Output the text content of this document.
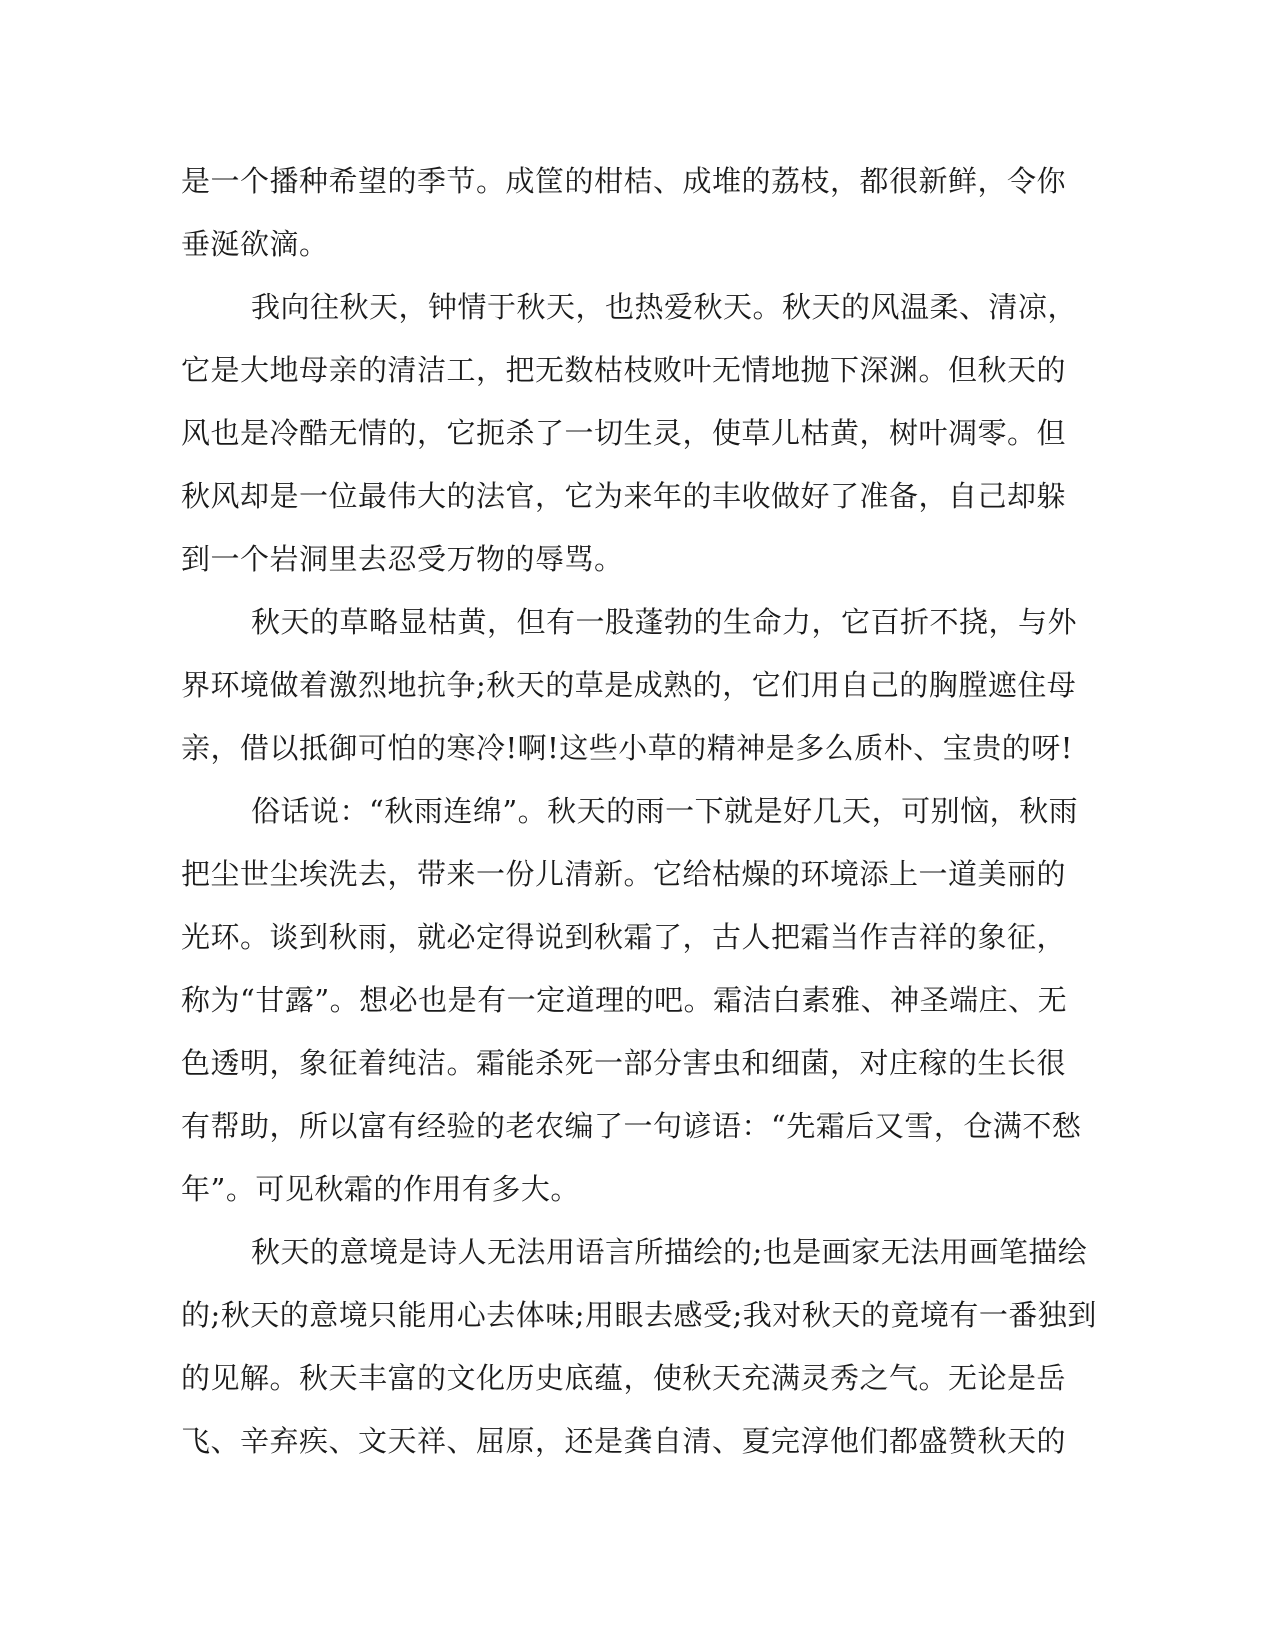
是一个播种希望的季节。成筐的柑桔、成堆的荔枝，都很新鲜，令你
垂涎欲滴。
我向往秋天，钟情于秋天，也热爱秋天。秋天的风温柔、清凉，
它是大地母亲的清洁工，把无数枯枝败叶无情地抛下深渊。但秋天的
风也是冷酷无情的，它扼杀了一切生灵，使草儿枯黄，树叶凋零。但
秋风却是一位最伟大的法官，它为来年的丰收做好了准备，自己却躲
到一个岩洞里去忍受万物的辱骂。
秋天的草略显枯黄，但有一股蓬勃的生命力，它百折不挠，与外
界环境做着激烈地抗争;秋天的草是成熟的，它们用自己的胸膛遮住母
亲，借以抵御可怕的寒冷!啊!这些小草的精神是多么质朴、宝贵的呀!
俗话说：“秋雨连绵”。秋天的雨一下就是好几天，可别恼，秋雨
把尘世尘埃洗去，带来一份儿清新。它给枯燥的环境添上一道美丽的
光环。谈到秋雨，就必定得说到秋霜了，古人把霜当作吉祥的象征，
称为“甘露”。想必也是有一定道理的吧。霜洁白素雅、神圣端庄、无
色透明，象征着纯洁。霜能杀死一部分害虫和细菌，对庄稼的生长很
有帮助，所以富有经验的老农编了一句谚语：“先霜后又雪，仓满不愁
年”。可见秋霜的作用有多大。
秋天的意境是诗人无法用语言所描绘的;也是画家无法用画笔描绘
的;秋天的意境只能用心去体味;用眼去感受;我对秋天的竟境有一番独到
的见解。秋天丰富的文化历史底蕴，使秋天充满灵秀之气。无论是岳
飞、辛弃疾、文天祥、屈原，还是龚自清、夏完淳他们都盛赞秋天的
